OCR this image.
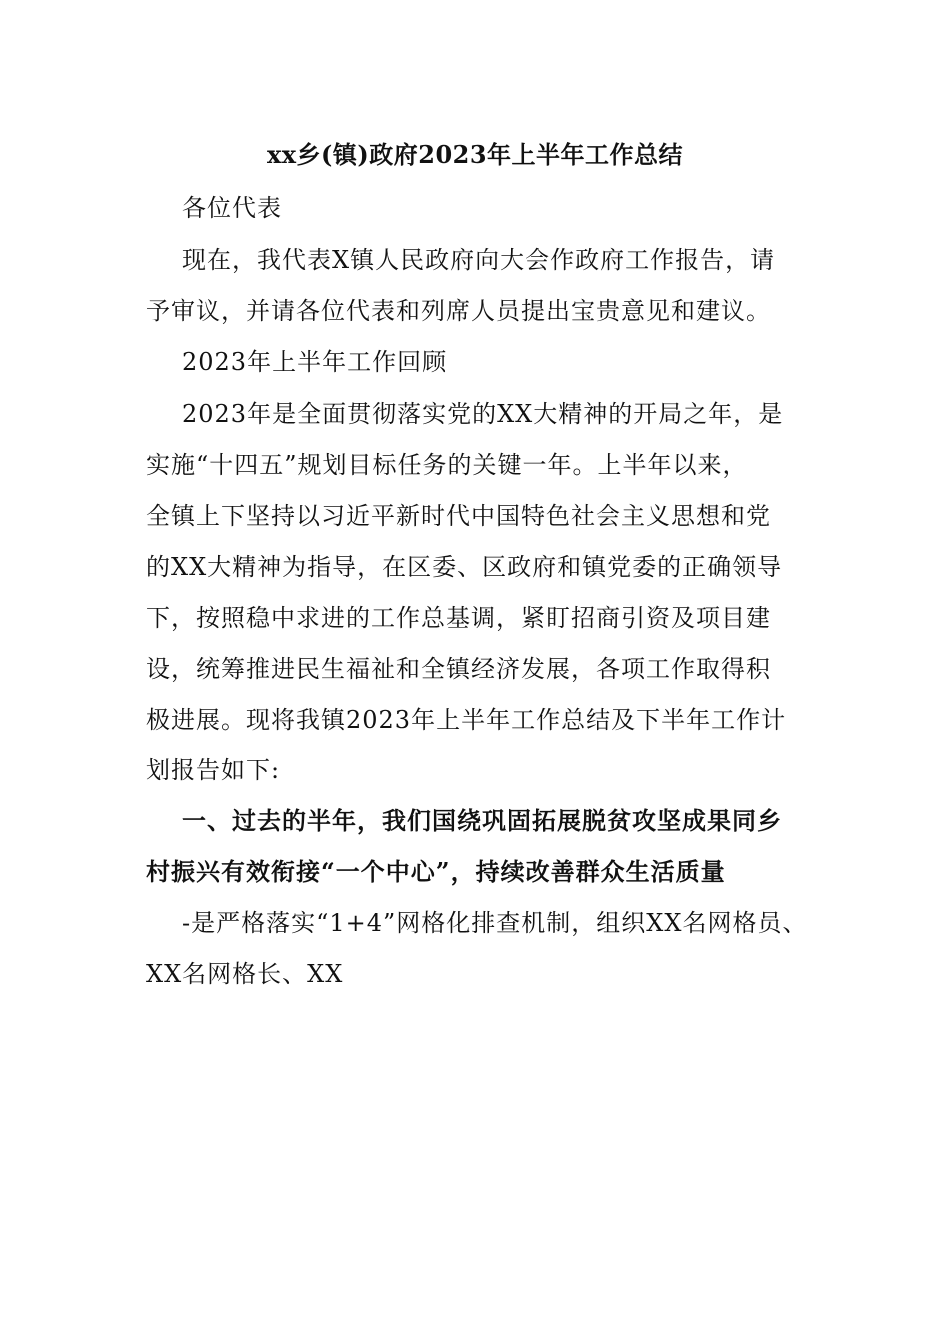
xx乡(镇)政府2023年上半年工作总结
各位代表
现在，我代表X镇人民政府向大会作政府工作报告，请
予审议，并请各位代表和列席人员提出宝贵意见和建议。
2023年上半年工作回顾
2023年是全面贯彻落实党的XX大精神的开局之年，是
实施“十四五”规划目标任务的关键一年。上半年以来，
全镇上下坚持以习近平新时代中国特色社会主义思想和党
的XX大精神为指导，在区委、区政府和镇党委的正确领导
下，按照稳中求进的工作总基调，紧盯招商引资及项目建
设，统筹推进民生福祉和全镇经济发展，各项工作取得积
极进展。现将我镇2023年上半年工作总结及下半年工作计
划报告如下:
一、过去的半年，我们国绕巩固拓展脱贫攻坚成果同乡
村振兴有效衔接“一个中心”，持续改善群众生活质量
-是严格落实“1+4”网格化排查机制，组织XX名网格员、
XX名网格长、XX
